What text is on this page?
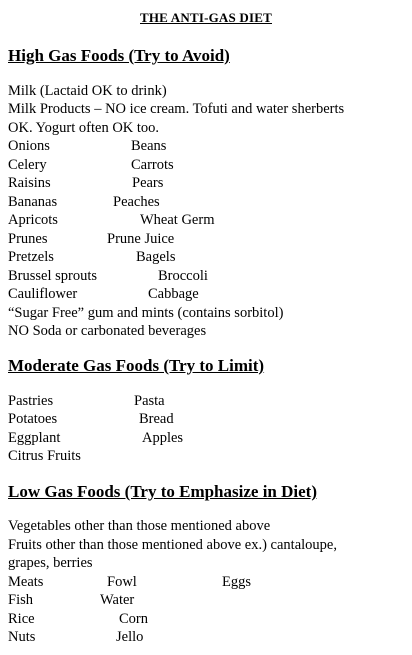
THE ANTI-GAS DIET
High Gas Foods (Try to Avoid)
Milk (Lactaid OK to drink)
Milk Products – NO ice cream. Tofuti and water sherberts
OK. Yogurt often OK too.
Onions	Beans
Celery	Carrots
Raisins	Pears
Bananas	Peaches
Apricots	Wheat Germ
Prunes	Prune Juice
Pretzels	Bagels
Brussel sprouts	Broccoli
Cauliflower	Cabbage
“Sugar Free” gum and mints (contains sorbitol)
NO Soda or carbonated beverages
Moderate Gas Foods (Try to Limit)
Pastries	Pasta
Potatoes	Bread
Eggplant	Apples
Citrus Fruits
Low Gas Foods (Try to Emphasize in Diet)
Vegetables other than those mentioned above
Fruits other than those mentioned above ex.) cantaloupe,
grapes, berries
Meats	Fowl	Eggs
Fish	Water
Rice	Corn
Nuts	Jello
